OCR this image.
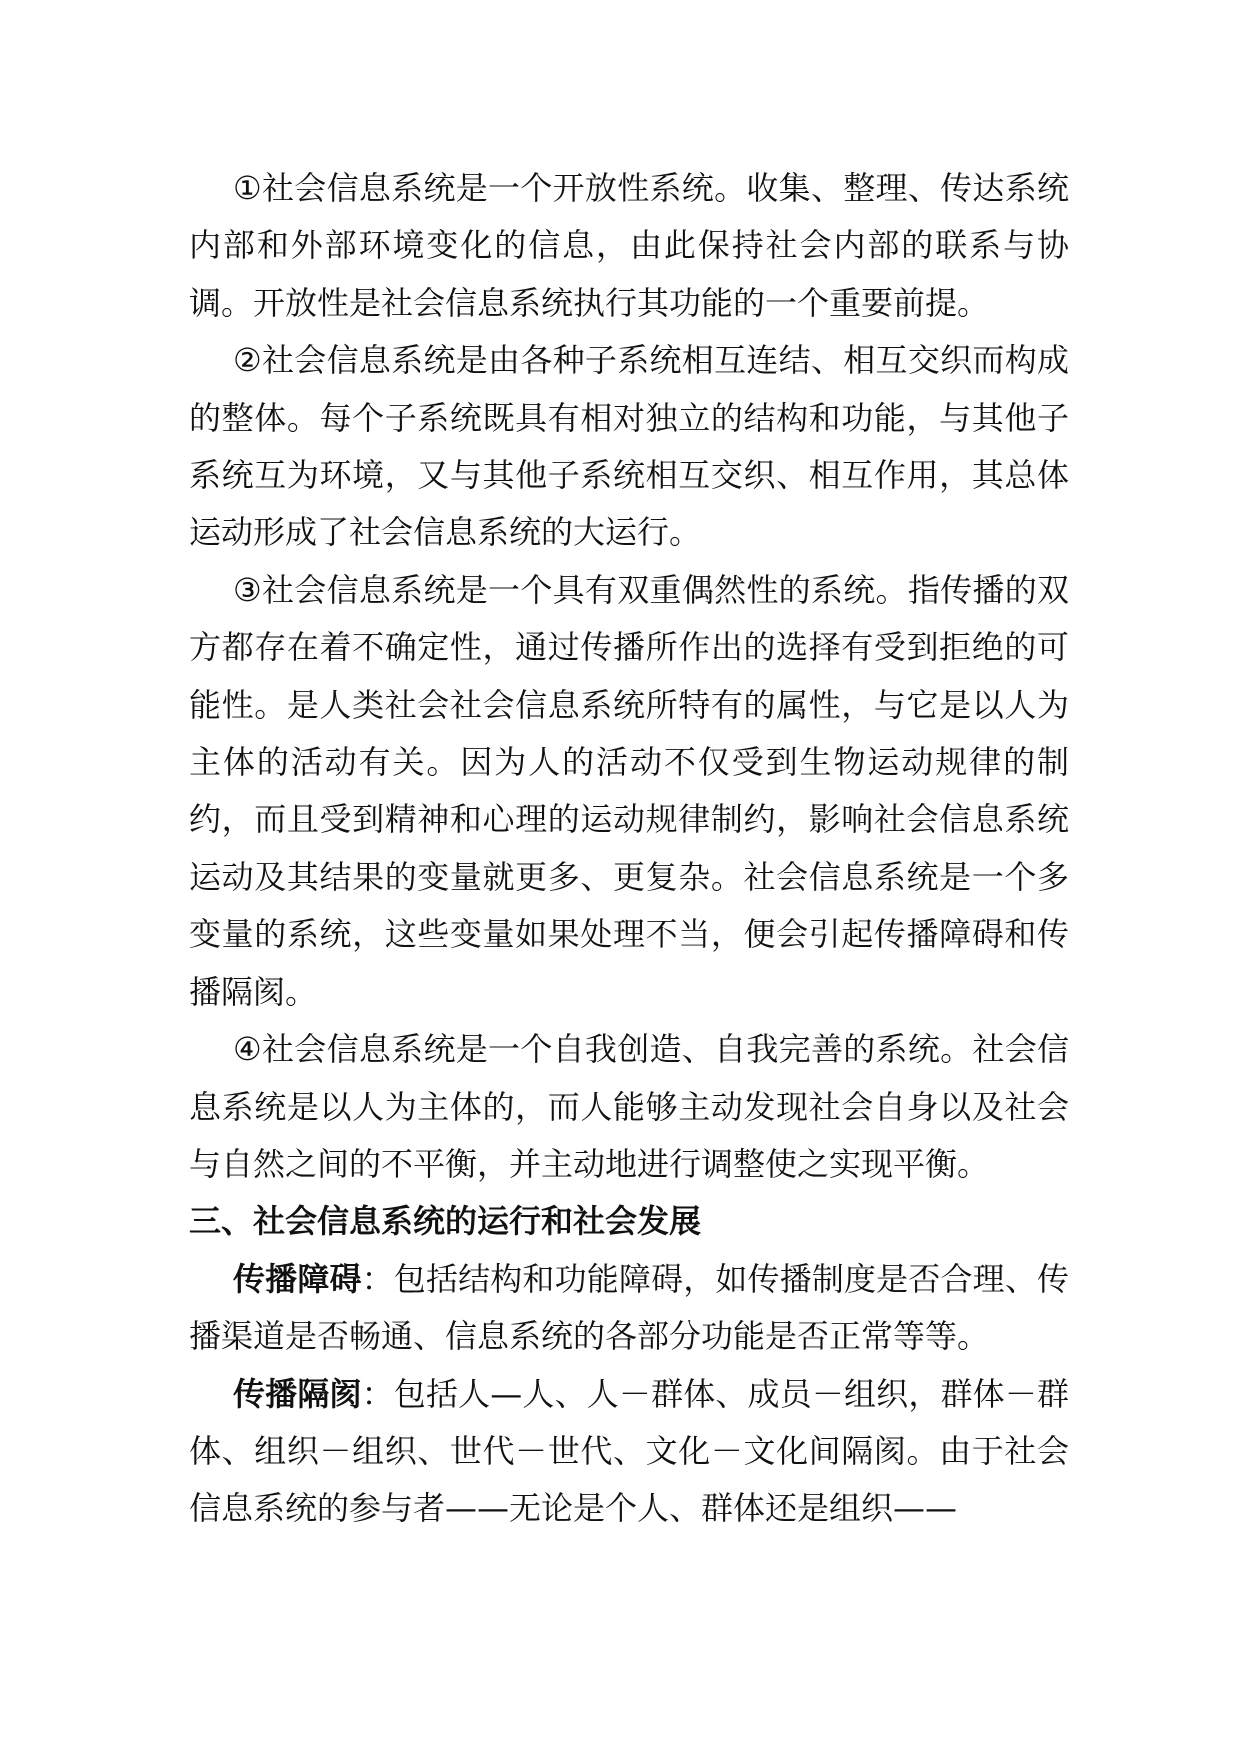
①社会信息系统是一个开放性系统。收集、整理、传达系统内部和外部环境变化的信息，由此保持社会内部的联系与协调。开放性是社会信息系统执行其功能的一个重要前提。

②社会信息系统是由各种子系统相互连结、相互交织而构成的整体。每个子系统既具有相对独立的结构和功能，与其他子系统互为环境，又与其他子系统相互交织、相互作用，其总体运动形成了社会信息系统的大运行。

③社会信息系统是一个具有双重偶然性的系统。指传播的双方都存在着不确定性，通过传播所作出的选择有受到拒绝的可能性。是人类社会社会信息系统所特有的属性，与它是以人为主体的活动有关。因为人的活动不仅受到生物运动规律的制约，而且受到精神和心理的运动规律制约，影响社会信息系统运动及其结果的变量就更多、更复杂。社会信息系统是一个多变量的系统，这些变量如果处理不当，便会引起传播障碍和传播隔阂。

④社会信息系统是一个自我创造、自我完善的系统。社会信息系统是以人为主体的，而人能够主动发现社会自身以及社会与自然之间的不平衡，并主动地进行调整使之实现平衡。

三、社会信息系统的运行和社会发展

传播障碍：包括结构和功能障碍，如传播制度是否合理、传播渠道是否畅通、信息系统的各部分功能是否正常等等。

传播隔阂：包括人—人、人－群体、成员－组织，群体－群体、组织－组织、世代－世代、文化－文化间隔阂。由于社会信息系统的参与者——无论是个人、群体还是组织——
